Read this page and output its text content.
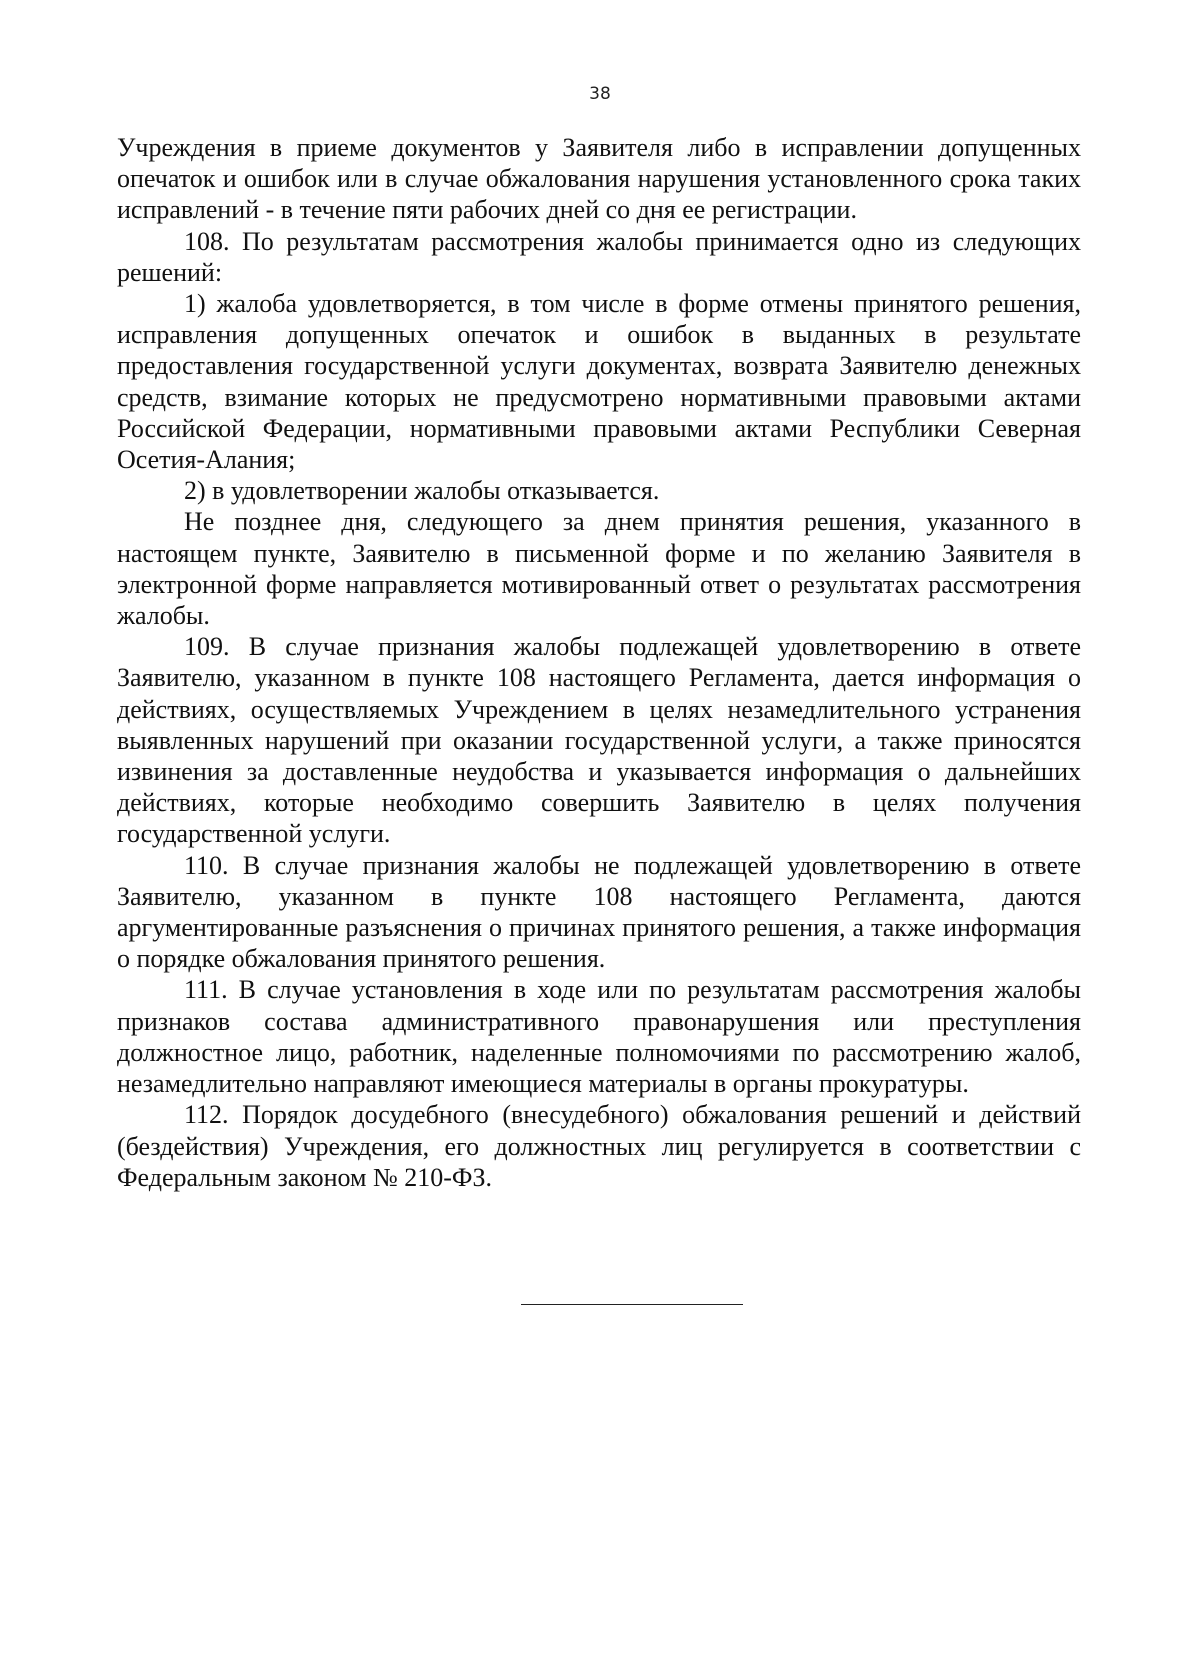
38

Учреждения в приеме документов у Заявителя либо в исправлении допущенных опечаток и ошибок или в случае обжалования нарушения установленного срока таких исправлений - в течение пяти рабочих дней со дня ее регистрации.

108. По результатам рассмотрения жалобы принимается одно из следующих решений:

1) жалоба удовлетворяется, в том числе в форме отмены принятого решения, исправления допущенных опечаток и ошибок в выданных в результате предоставления государственной услуги документах, возврата Заявителю денежных средств, взимание которых не предусмотрено нормативными правовыми актами Российской Федерации, нормативными правовыми актами Республики Северная Осетия-Алания;

2) в удовлетворении жалобы отказывается.

Не позднее дня, следующего за днем принятия решения, указанного в настоящем пункте, Заявителю в письменной форме и по желанию Заявителя в электронной форме направляется мотивированный ответ о результатах рассмотрения жалобы.

109. В случае признания жалобы подлежащей удовлетворению в ответе Заявителю, указанном в пункте 108 настоящего Регламента, дается информация о действиях, осуществляемых Учреждением в целях незамедлительного устранения выявленных нарушений при оказании государственной услуги, а также приносятся извинения за доставленные неудобства и указывается информация о дальнейших действиях, которые необходимо совершить Заявителю в целях получения государственной услуги.

110. В случае признания жалобы не подлежащей удовлетворению в ответе Заявителю, указанном в пункте 108 настоящего Регламента, даются аргументированные разъяснения о причинах принятого решения, а также информация о порядке обжалования принятого решения.

111. В случае установления в ходе или по результатам рассмотрения жалобы признаков состава административного правонарушения или преступления должностное лицо, работник, наделенные полномочиями по рассмотрению жалоб, незамедлительно направляют имеющиеся материалы в органы прокуратуры.

112. Порядок досудебного (внесудебного) обжалования решений и действий (бездействия) Учреждения, его должностных лиц регулируется в соответствии с Федеральным законом № 210-ФЗ.
